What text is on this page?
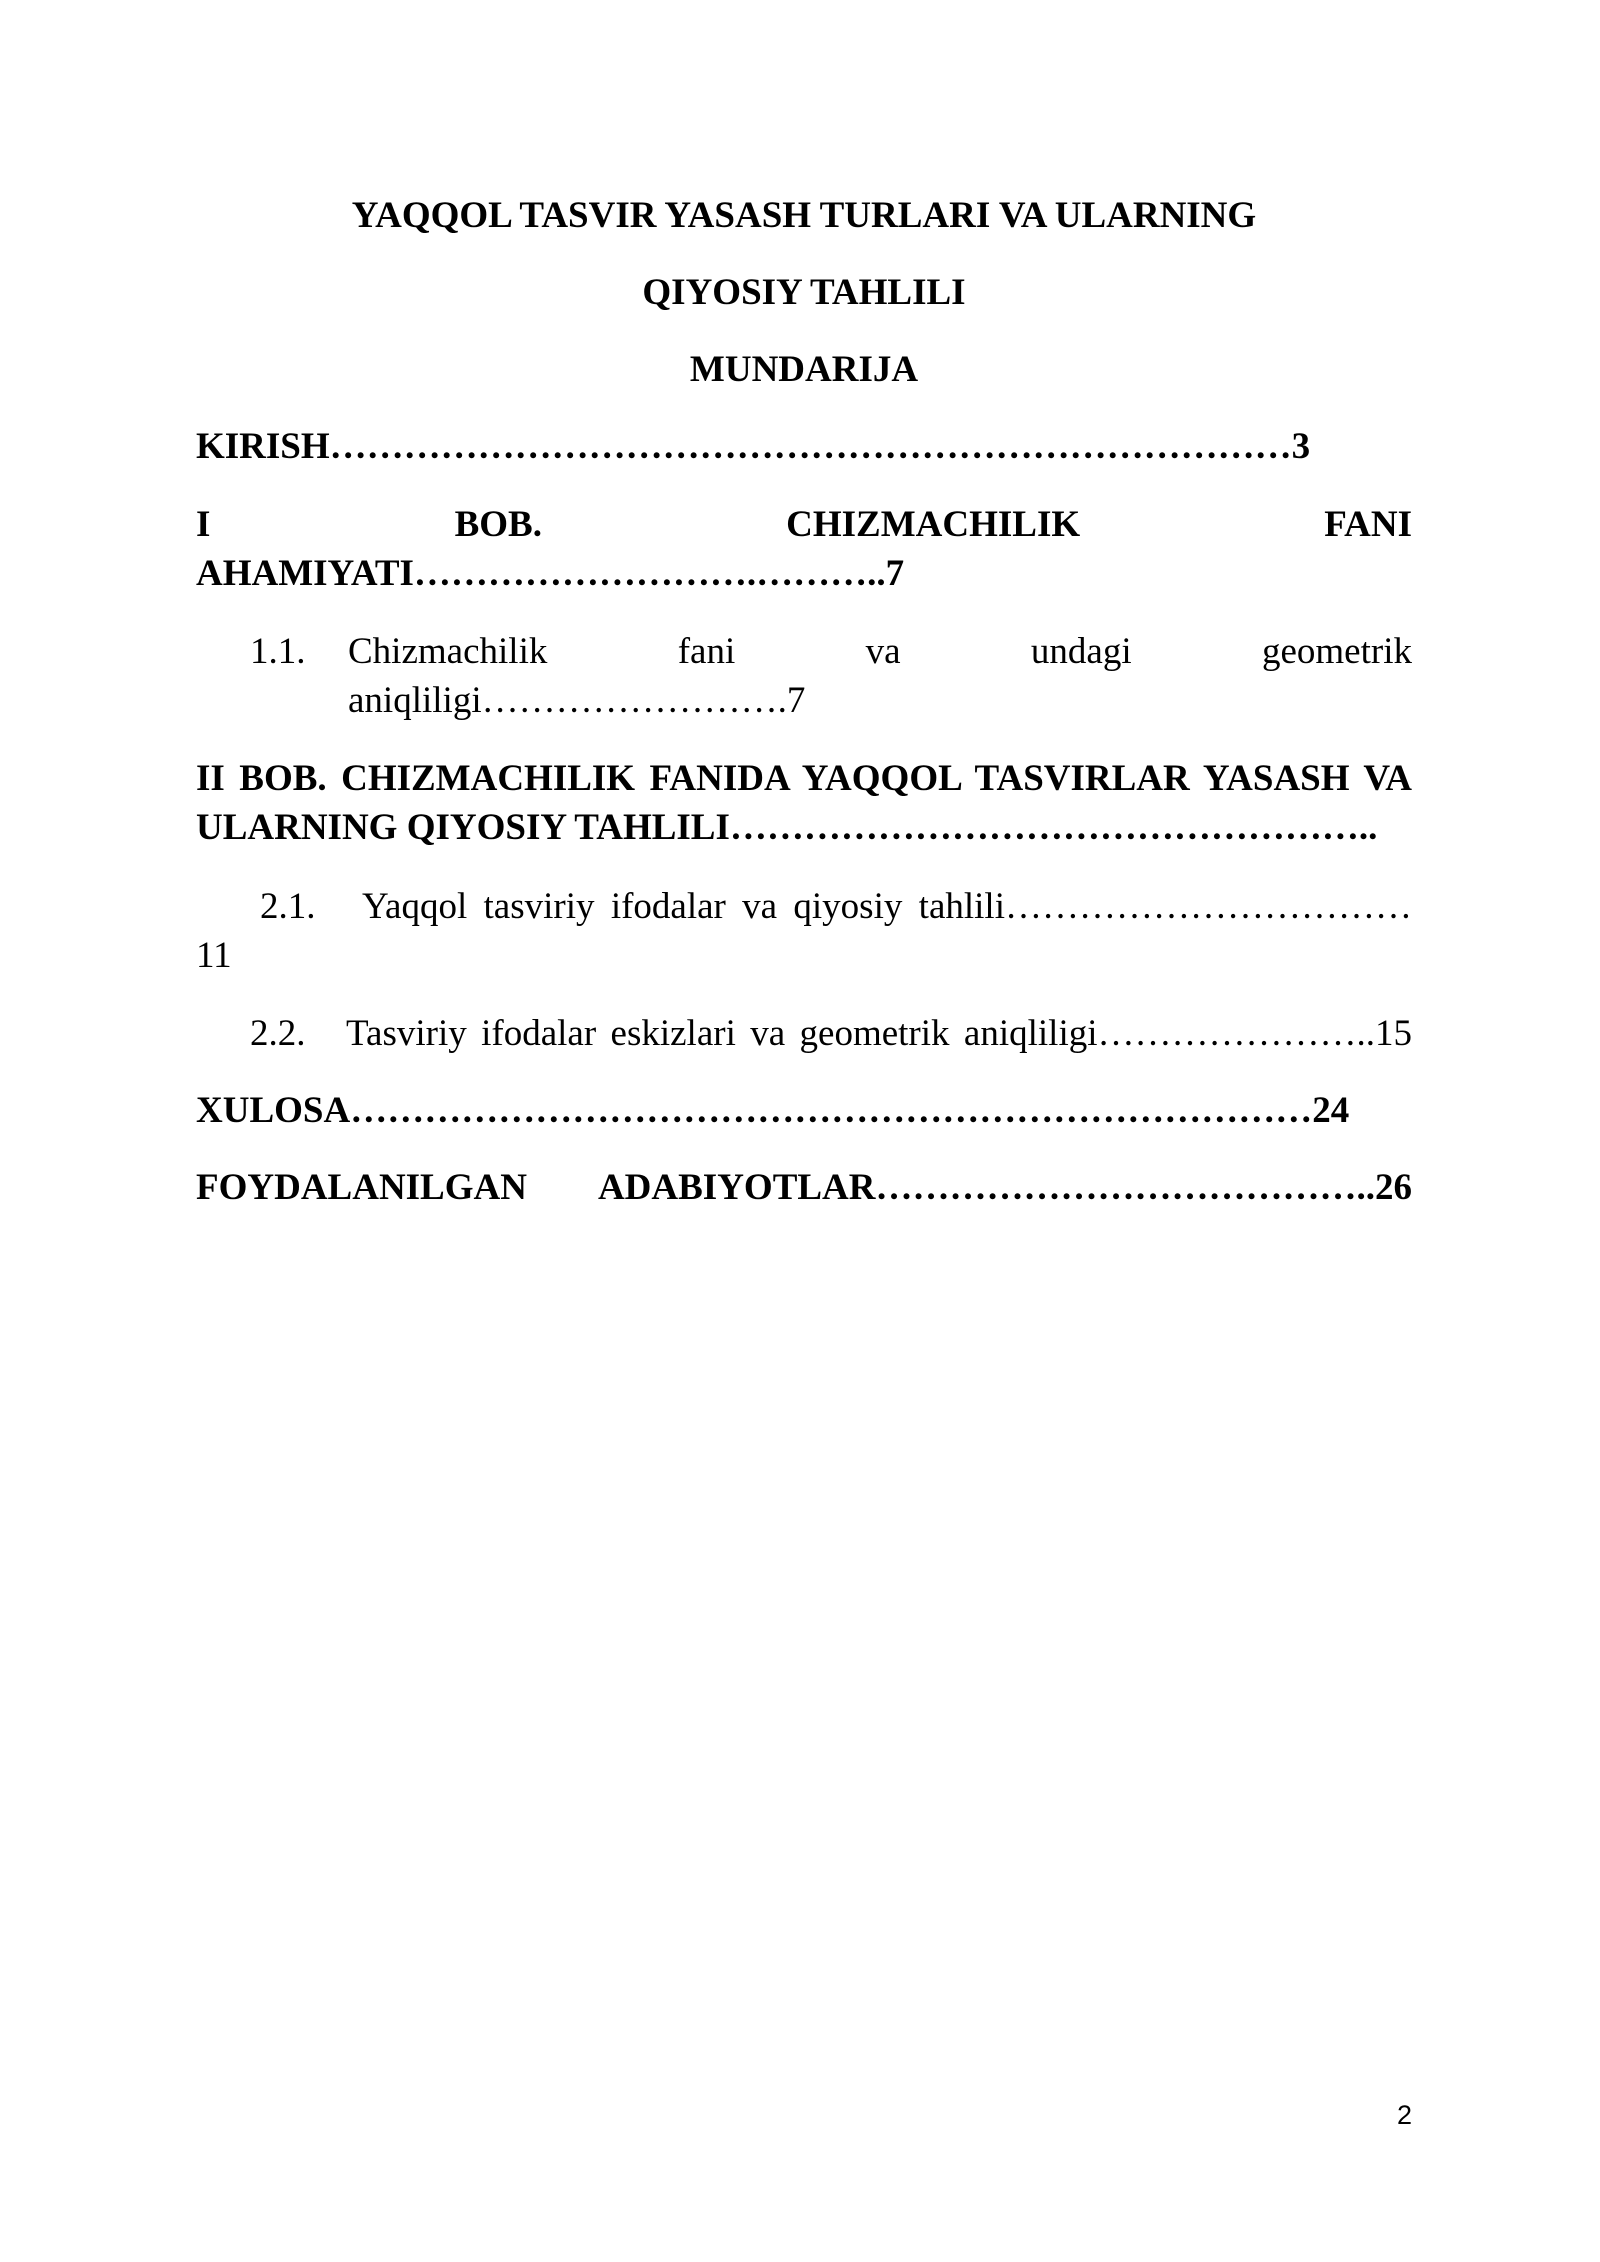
YAQQOL TASVIR YASASH TURLARI VA ULARNING
QIYOSIY TAHLILI
MUNDARIJA
KIRISH……………………………………………………………………3
I	BOB.	CHIZMACHILIK	FANI
AHAMIYATI……………………….………..7
1.1. Chizmachilik	fani	va	undagi	geometrik
aniqliligi…………………….7
II BOB. CHIZMACHILIK FANIDA YAQQOL TASVIRLAR YASASH VA
ULARNING QIYOSIY TAHLILI……………………………………………..
2.1. Yaqqol tasviriy ifodalar va qiyosiy tahlili……………………………
11
2.2. Tasviriy ifodalar eskizlari va geometrik aniqliligi…………………..15
XULOSA……………………………………………………………………24
FOYDALANILGAN ADABIYOTLAR…………………………………..26
2
